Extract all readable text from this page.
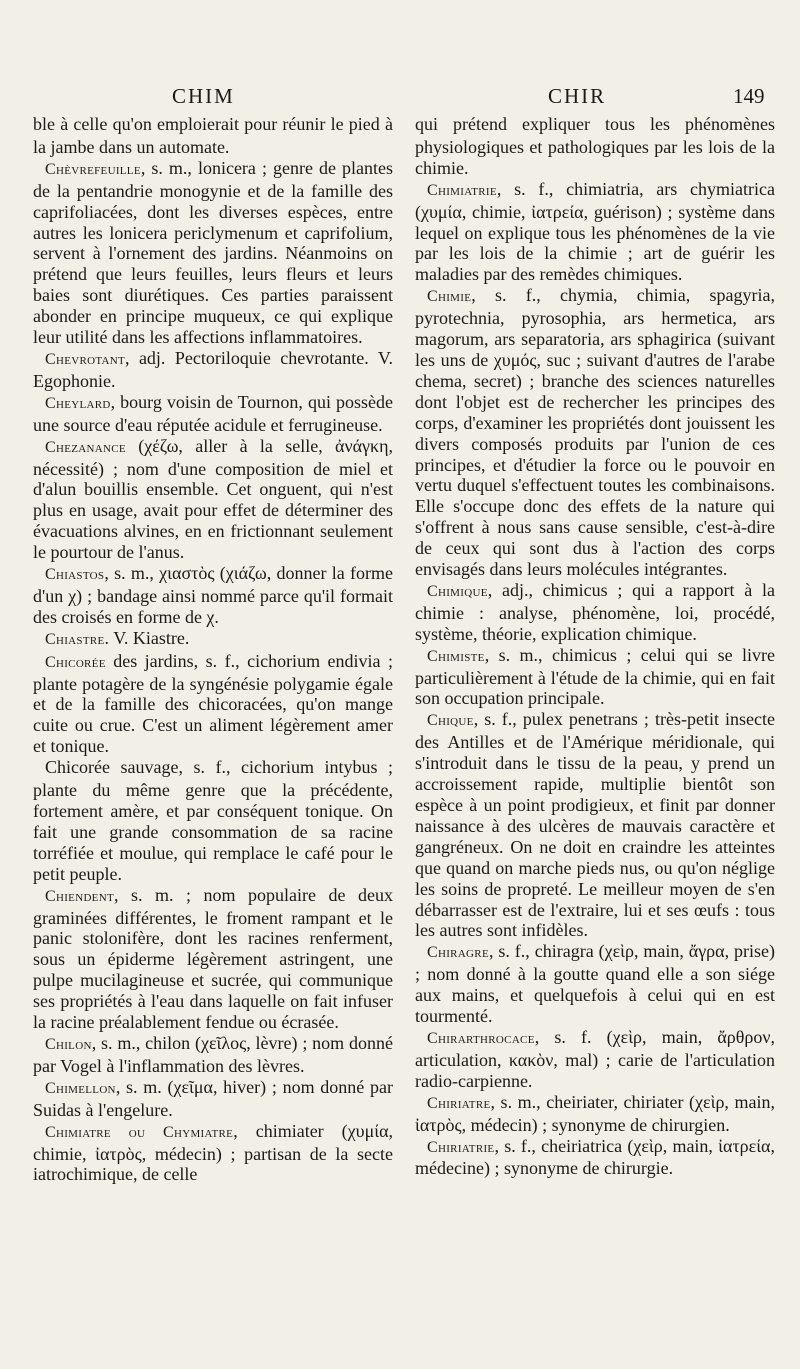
CHIM	CHIR	149

ble à celle qu'on emploierait pour réunir le pied à la jambe dans un automate.

Chèvrefeuille, s. m., lonicera ; genre de plantes de la pentandrie monogynie et de la famille des caprifoliacées, dont les diverses espèces, entre autres les lonicera periclymenum et caprifolium, servent à l'ornement des jardins. Néanmoins on prétend que leurs feuilles, leurs fleurs et leurs baies sont diurétiques. Ces parties paraissent abonder en principe muqueux, ce qui explique leur utilité dans les affections inflammatoires.

Chevrotant, adj. Pectoriloquie chevrotante. V. Egophonie.

Cheylard, bourg voisin de Tournon, qui possède une source d'eau réputée acidule et ferrugineuse.

Chezanance (χέζω, aller à la selle, ἀνάγκη, nécessité) ; nom d'une composition de miel et d'alun bouillis ensemble. Cet onguent, qui n'est plus en usage, avait pour effet de déterminer des évacuations alvines, en en frictionnant seulement le pourtour de l'anus.

Chiastos, s. m., χιαστὸς (χιάζω, donner la forme d'un χ) ; bandage ainsi nommé parce qu'il formait des croisés en forme de χ.

Chiastre. V. Kiastre.

Chicorée des jardins, s. f., cichorium endivia ; plante potagère de la syngénésie polygamie égale et de la famille des chicoracées, qu'on mange cuite ou crue. C'est un aliment légèrement amer et tonique.

Chicorée sauvage, s. f., cichorium intybus ; plante du même genre que la précédente, fortement amère, et par conséquent tonique. On fait une grande consommation de sa racine torréfiée et moulue, qui remplace le café pour le petit peuple.

Chiendent, s. m. ; nom populaire de deux graminées différentes, le froment rampant et le panic stolonifère, dont les racines renferment, sous un épiderme légèrement astringent, une pulpe mucilagineuse et sucrée, qui communique ses propriétés à l'eau dans laquelle on fait infuser la racine préalablement fendue ou écrasée.

Chilon, s. m., chilon (χεῖλος, lèvre) ; nom donné par Vogel à l'inflammation des lèvres.

Chimellon, s. m. (χεῖμα, hiver) ; nom donné par Suidas à l'engelure.

Chimiatre ou Chymiatre, chimiater (χυμία, chimie, ἰατρὸς, médecin) ; partisan de la secte iatrochimique, de celle

qui prétend expliquer tous les phénomènes physiologiques et pathologiques par les lois de la chimie.

Chimiatrie, s. f., chimiatria, ars chymiatrica (χυμία, chimie, ἰατρεία, guérison) ; système dans lequel on explique tous les phénomènes de la vie par les lois de la chimie ; art de guérir les maladies par des remèdes chimiques.

Chimie, s. f., chymia, chimia, spagyria, pyrotechnia, pyrosophia, ars hermetica, ars magorum, ars separatoria, ars sphagirica (suivant les uns de χυμός, suc ; suivant d'autres de l'arabe chema, secret) ; branche des sciences naturelles dont l'objet est de rechercher les principes des corps, d'examiner les propriétés dont jouissent les divers composés produits par l'union de ces principes, et d'étudier la force ou le pouvoir en vertu duquel s'effectuent toutes les combinaisons. Elle s'occupe donc des effets de la nature qui s'offrent à nous sans cause sensible, c'est-à-dire de ceux qui sont dus à l'action des corps envisagés dans leurs molécules intégrantes.

Chimique, adj., chimicus ; qui a rapport à la chimie : analyse, phénomène, loi, procédé, système, théorie, explication chimique.

Chimiste, s. m., chimicus ; celui qui se livre particulièrement à l'étude de la chimie, qui en fait son occupation principale.

Chique, s. f., pulex penetrans ; très-petit insecte des Antilles et de l'Amérique méridionale, qui s'introduit dans le tissu de la peau, y prend un accroissement rapide, multiplie bientôt son espèce à un point prodigieux, et finit par donner naissance à des ulcères de mauvais caractère et gangréneux. On ne doit en craindre les atteintes que quand on marche pieds nus, ou qu'on néglige les soins de propreté. Le meilleur moyen de s'en débarrasser est de l'extraire, lui et ses œufs : tous les autres sont infidèles.

Chiragre, s. f., chiragra (χεὶρ, main, ἄγρα, prise) ; nom donné à la goutte quand elle a son siége aux mains, et quelquefois à celui qui en est tourmenté.

Chirarthrocace, s. f. (χεὶρ, main, ἄρθρον, articulation, κακὸν, mal) ; carie de l'articulation radio-carpienne.

Chiriatre, s. m., cheiriater, chiriater (χεὶρ, main, ἰατρὸς, médecin) ; synonyme de chirurgien.

Chiriatrie, s. f., cheiriatrica (χεὶρ, main, ἰατρεία, médecine) ; synonyme de chirurgie.
